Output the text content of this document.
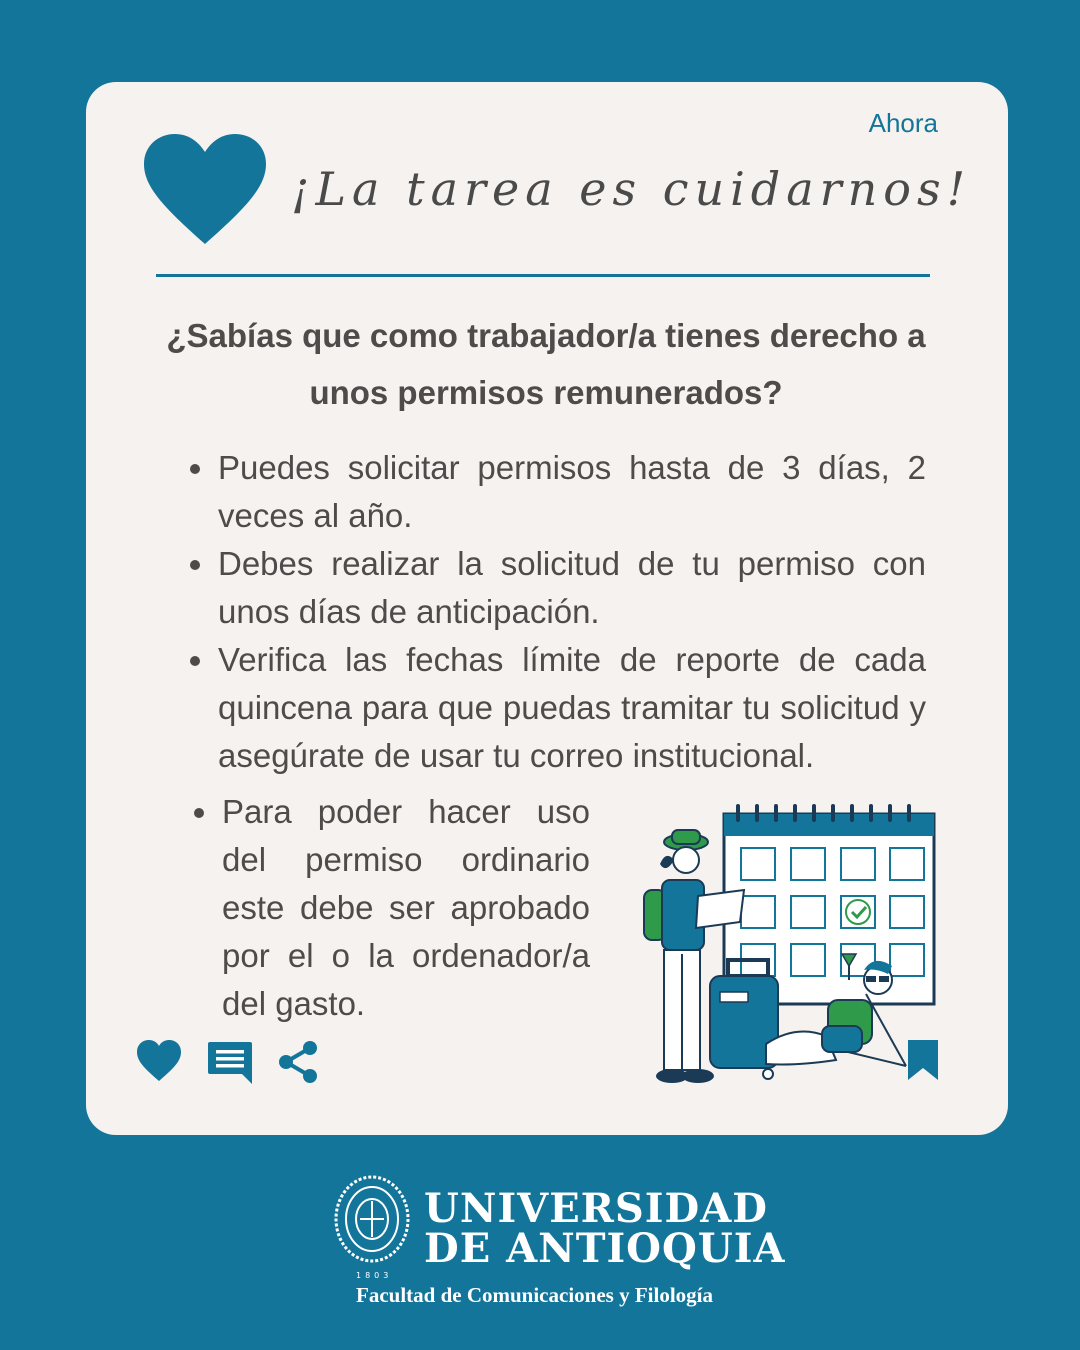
Ahora
¡La tarea es cuidarnos!
¿Sabías que como trabajador/a tienes derecho a unos permisos remunerados?
Puedes solicitar permisos hasta de 3 días, 2 veces al año.
Debes realizar la solicitud de tu permiso con unos días de anticipación.
Verifica las fechas límite de reporte de cada quincena para que puedas tramitar tu solicitud y asegúrate de usar tu correo institucional.
Para poder hacer uso del permiso ordinario este debe ser aprobado por el o la ordenador/a del gasto.
1803
UNIVERSIDAD
DE ANTIOQUIA
Facultad de Comunicaciones y Filología
